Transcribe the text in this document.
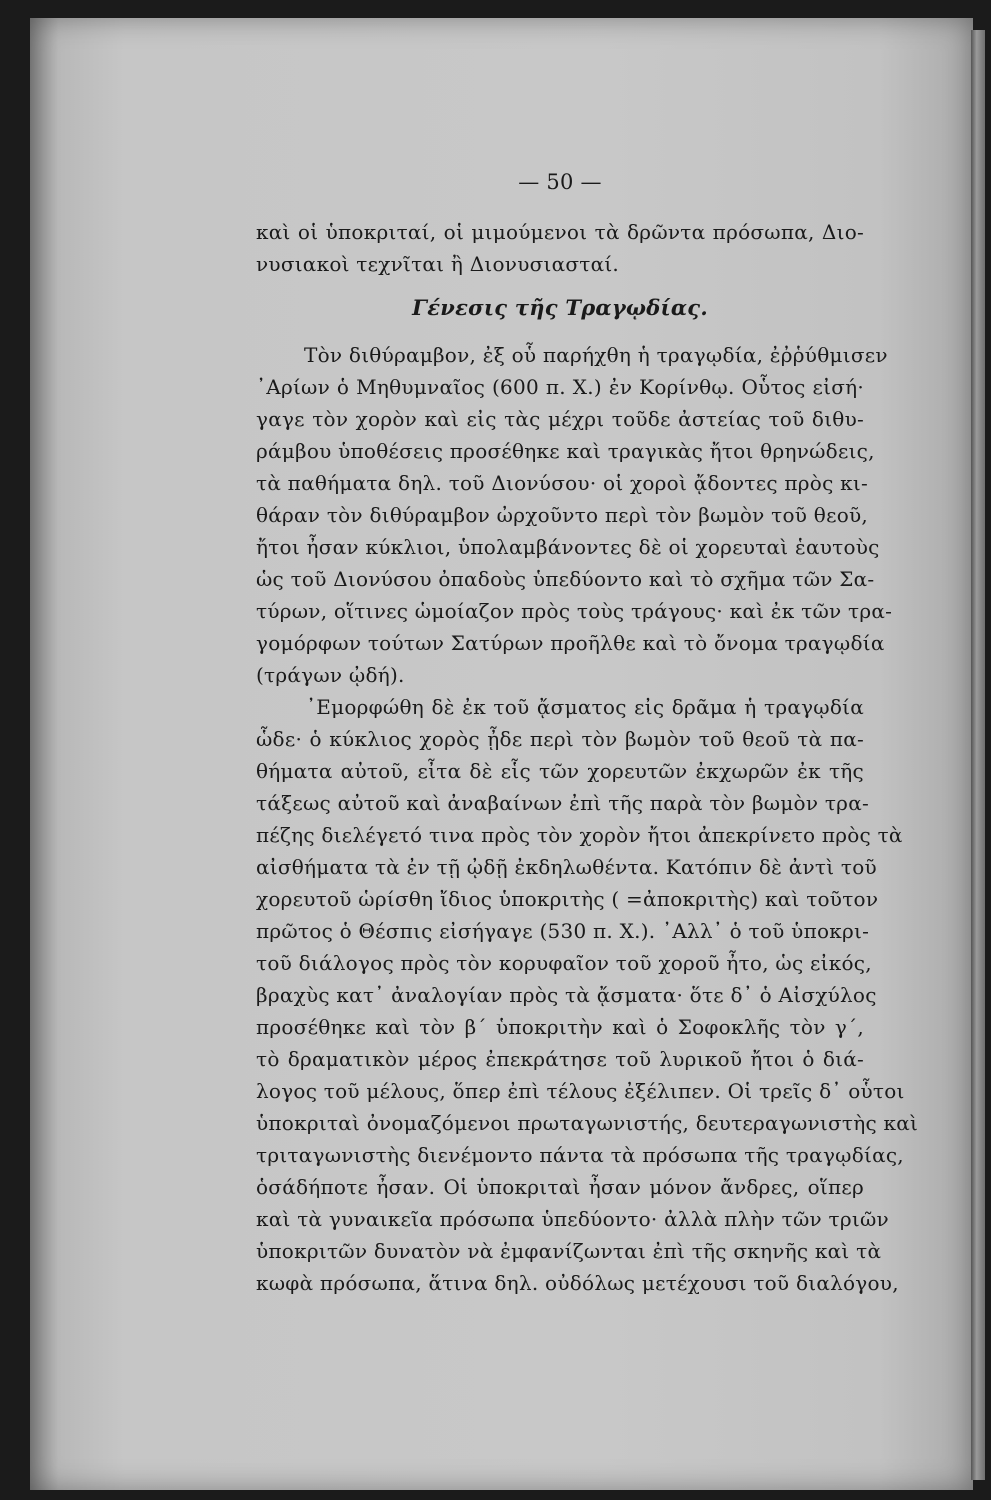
— 50 —
καὶ οἱ ὑποκριταί, οἱ μιμούμενοι τὰ δρῶντα πρόσωπα, Διο-
νυσιακοὶ τεχνῖται ἢ Διονυσιασταί.
Γένεσις τῆς Τραγῳδίας.
Τὸν διθύραμβον, ἐξ οὗ παρήχθη ἡ τραγῳδία, ἐῤῥύθμισεν
᾿Αρίων ὁ Μηθυμναῖος (600 π. Χ.) ἐν Κορίνθῳ. Οὗτος εἰσή·
γαγε τὸν χορὸν καὶ εἰς τὰς μέχρι τοῦδε ἀστείας τοῦ διθυ-
ράμβου ὑποθέσεις προσέθηκε καὶ τραγικὰς ἤτοι θρηνώδεις,
τὰ παθήματα δηλ. τοῦ Διονύσου· οἱ χοροὶ ᾄδοντες πρὸς κι-
θάραν τὸν διθύραμβον ὠρχοῦντο περὶ τὸν βωμὸν τοῦ θεοῦ,
ἤτοι ἦσαν κύκλιοι, ὑπολαμβάνοντες δὲ οἱ χορευταὶ ἑαυτοὺς
ὡς τοῦ Διονύσου ὀπαδοὺς ὑπεδύοντο καὶ τὸ σχῆμα τῶν Σα-
τύρων, οἵτινες ὡμοίαζον πρὸς τοὺς τράγους· καὶ ἐκ τῶν τρα-
γομόρφων τούτων Σατύρων προῆλθε καὶ τὸ ὄνομα τραγῳδία
(τράγων ᾠδή).
᾿Εμορφώθη δὲ ἐκ τοῦ ᾄσματος εἰς δρᾶμα ἡ τραγῳδία
ὧδε· ὁ κύκλιος χορὸς ᾖδε περὶ τὸν βωμὸν τοῦ θεοῦ τὰ πα-
θήματα αὐτοῦ, εἶτα δὲ εἷς τῶν χορευτῶν ἐκχωρῶν ἐκ τῆς
τάξεως αὐτοῦ καὶ ἀναβαίνων ἐπὶ τῆς παρὰ τὸν βωμὸν τρα-
πέζης διελέγετό τινα πρὸς τὸν χορὸν ἤτοι ἀπεκρίνετο πρὸς τὰ
αἰσθήματα τὰ ἐν τῇ ᾠδῇ ἐκδηλωθέντα. Κατόπιν δὲ ἀντὶ τοῦ
χορευτοῦ ὡρίσθη ἴδιος ὑποκριτὴς ( =ἀποκριτὴς) καὶ τοῦτον
πρῶτος ὁ Θέσπις εἰσήγαγε (530 π. Χ.). ᾿Αλλ᾿ ὁ τοῦ ὑποκρι-
τοῦ διάλογος πρὸς τὸν κορυφαῖον τοῦ χοροῦ ἦτο, ὡς εἰκός,
βραχὺς κατ᾿ ἀναλογίαν πρὸς τὰ ᾄσματα· ὅτε δ᾿ ὁ Αἰσχύλος
προσέθηκε καὶ τὸν β΄ ὑποκριτὴν καὶ ὁ Σοφοκλῆς τὸν γ΄,
τὸ δραματικὸν μέρος ἐπεκράτησε τοῦ λυρικοῦ ἤτοι ὁ διά-
λογος τοῦ μέλους, ὅπερ ἐπὶ τέλους ἐξέλιπεν. Οἱ τρεῖς δ᾿ οὗτοι
ὑποκριταὶ ὀνομαζόμενοι πρωταγωνιστής, δευτεραγωνιστὴς καὶ
τριταγωνιστὴς διενέμοντο πάντα τὰ πρόσωπα τῆς τραγῳδίας,
ὁσάδήποτε ἦσαν. Οἱ ὑποκριταὶ ἦσαν μόνον ἄνδρες, οἵπερ
καὶ τὰ γυναικεῖα πρόσωπα ὑπεδύοντο· ἀλλὰ πλὴν τῶν τριῶν
ὑποκριτῶν δυνατὸν νὰ ἐμφανίζωνται ἐπὶ τῆς σκηνῆς καὶ τὰ
κωφὰ πρόσωπα, ἅτινα δηλ. οὐδόλως μετέχουσι τοῦ διαλόγου,
